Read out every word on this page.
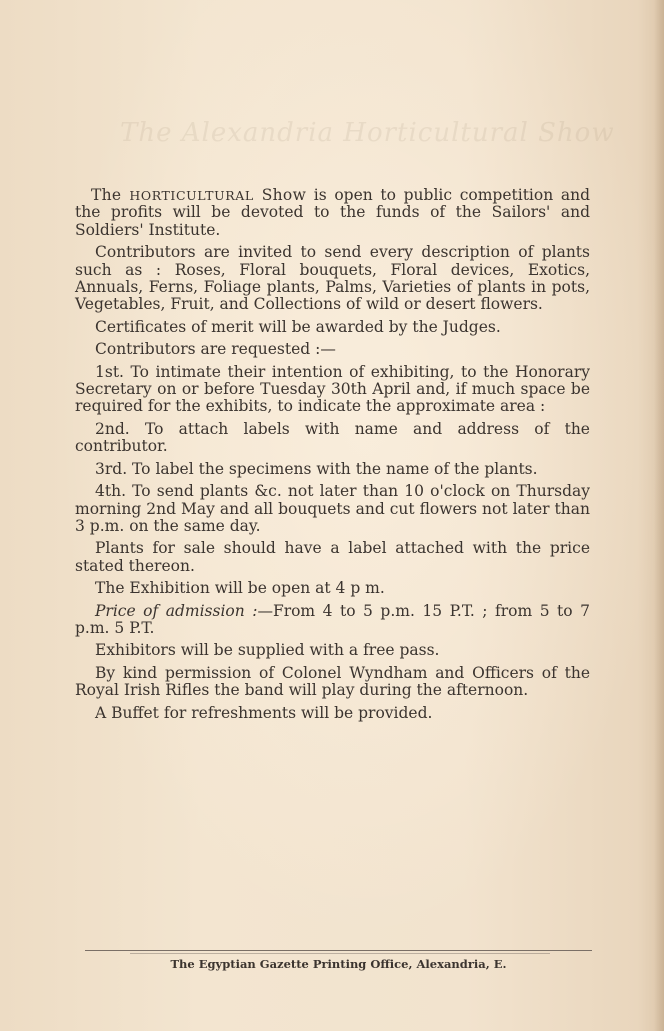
The Alexandria Horticultural Show

The HORTICULTURAL Show is open to public competition and the profits will be devoted to the funds of the Sailors' and Soldiers' Institute.

Contributors are invited to send every description of plants such as : Roses, Floral bouquets, Floral devices, Exotics, Annuals, Ferns, Foliage plants, Palms, Varieties of plants in pots, Vegetables, Fruit, and Collections of wild or desert flowers.

Certificates of merit will be awarded by the Judges.

Contributors are requested :—

1st. To intimate their intention of exhibiting, to the Honorary Secretary on or before Tuesday 30th April and, if much space be required for the exhibits, to indicate the approximate area :

2nd. To attach labels with name and address of the contributor.

3rd. To label the specimens with the name of the plants.

4th. To send plants &c. not later than 10 o'clock on Thursday morning 2nd May and all bouquets and cut flowers not later than 3 p.m. on the same day.

Plants for sale should have a label attached with the price stated thereon.

The Exhibition will be open at 4 p m.

Price of admission :—From 4 to 5 p.m. 15 P.T. ; from 5 to 7 p.m. 5 P.T.

Exhibitors will be supplied with a free pass.

By kind permission of Colonel Wyndham and Officers of the Royal Irish Rifles the band will play during the afternoon.

A Buffet for refreshments will be provided.

The Egyptian Gazette Printing Office, Alexandria, E.
